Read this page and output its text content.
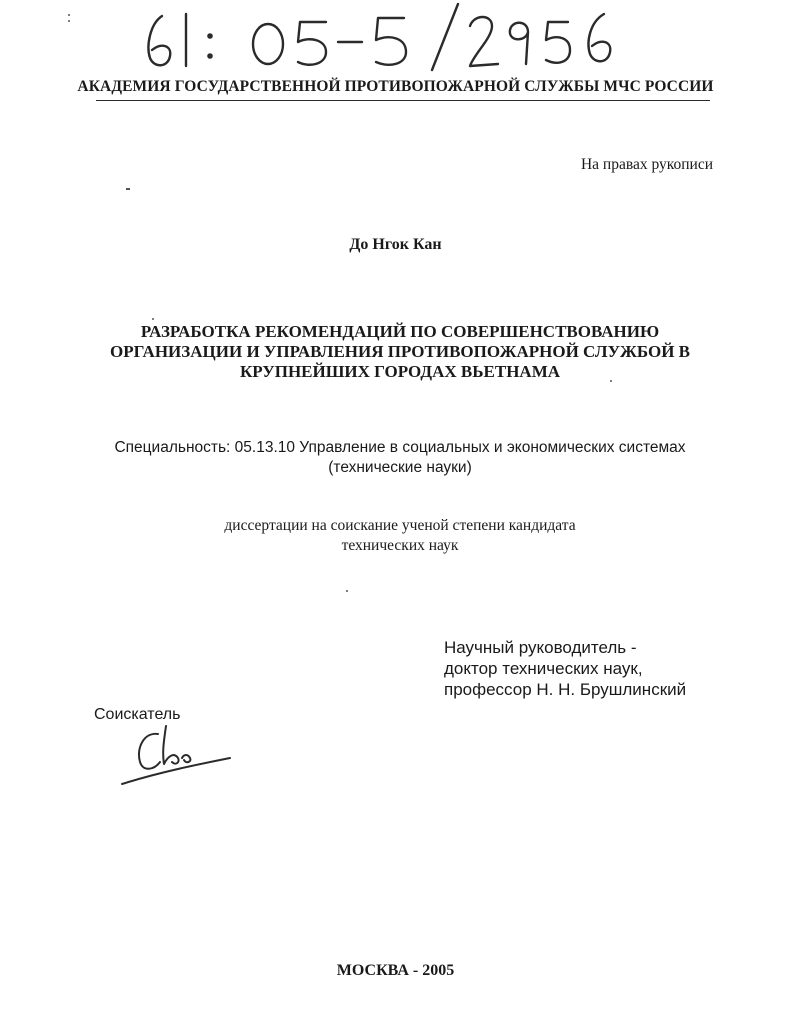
АКАДЕМИЯ ГОСУДАРСТВЕННОЙ ПРОТИВОПОЖАРНОЙ СЛУЖБЫ МЧС РОССИИ
На правах рукописи
До Нгок Кан
РАЗРАБОТКА РЕКОМЕНДАЦИЙ ПО СОВЕРШЕНСТВОВАНИЮ
ОРГАНИЗАЦИИ И УПРАВЛЕНИЯ ПРОТИВОПОЖАРНОЙ СЛУЖБОЙ В
КРУПНЕЙШИХ ГОРОДАХ ВЬЕТНАМА
Специальность: 05.13.10 Управление в социальных и экономических системах
(технические науки)
диссертации на соискание ученой степени кандидата
технических наук
Научный руководитель -
доктор технических наук,
профессор Н. Н. Брушлинский
Соискатель
МОСКВА - 2005
